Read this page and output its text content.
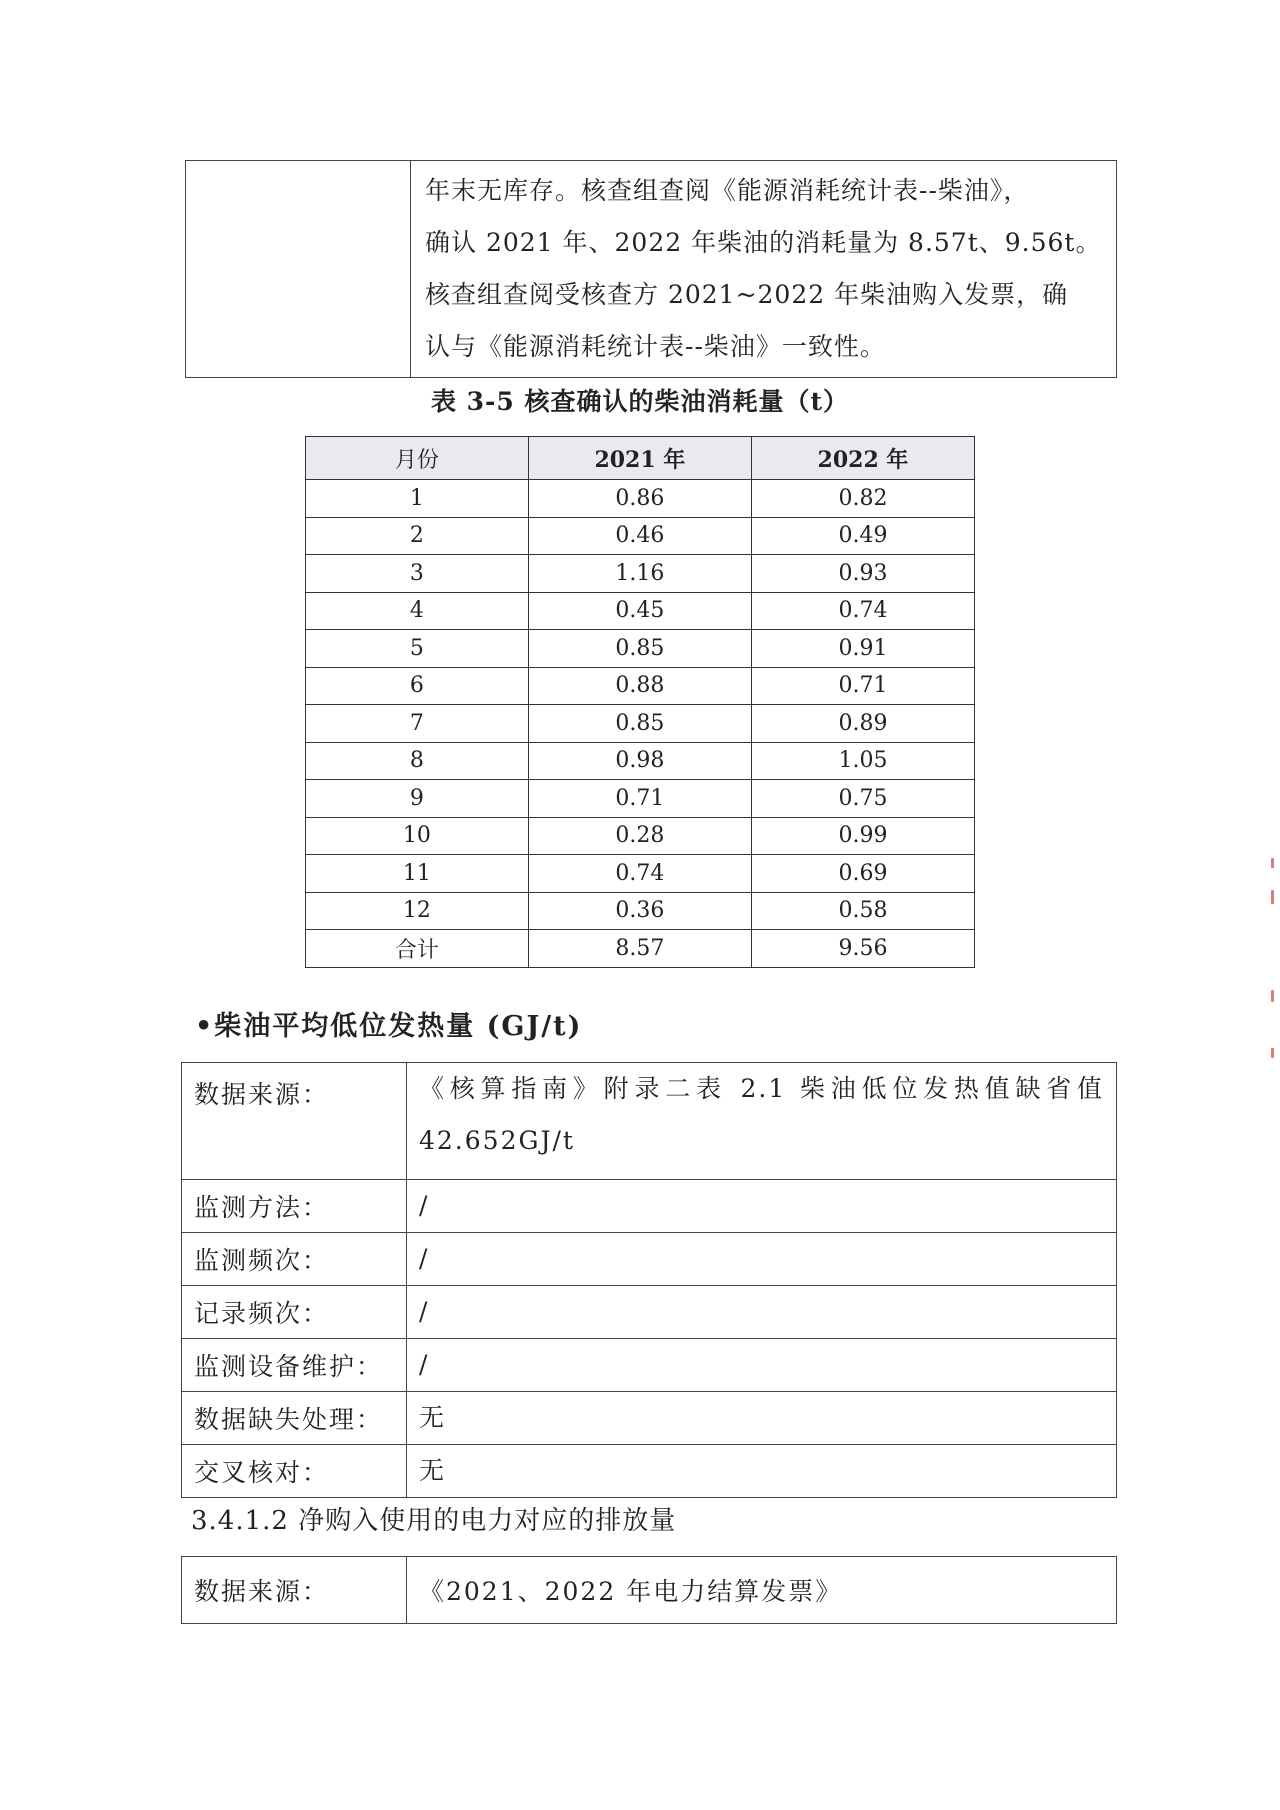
年末无库存。核查组查阅《能源消耗统计表--柴油》，
确认 2021 年、2022 年柴油的消耗量为 8.57t、9.56t。
核查组查阅受核查方 2021~2022 年柴油购入发票，确
认与《能源消耗统计表--柴油》一致性。
表 3-5 核查确认的柴油消耗量（t）
月份	2021 年	2022 年
1	0.86	0.82
2	0.46	0.49
3	1.16	0.93
4	0.45	0.74
5	0.85	0.91
6	0.88	0.71
7	0.85	0.89
8	0.98	1.05
9	0.71	0.75
10	0.28	0.99
11	0.74	0.69
12	0.36	0.58
合计	8.57	9.56
•柴油平均低位发热量 (GJ/t)
数据来源：	《核算指南》附录二表 2.1 柴油低位发热值缺省值 42.652GJ/t
监测方法：	/
监测频次：	/
记录频次：	/
监测设备维护：	/
数据缺失处理：	无
交叉核对：	无
3.4.1.2 净购入使用的电力对应的排放量
数据来源：	《2021、2022 年电力结算发票》
